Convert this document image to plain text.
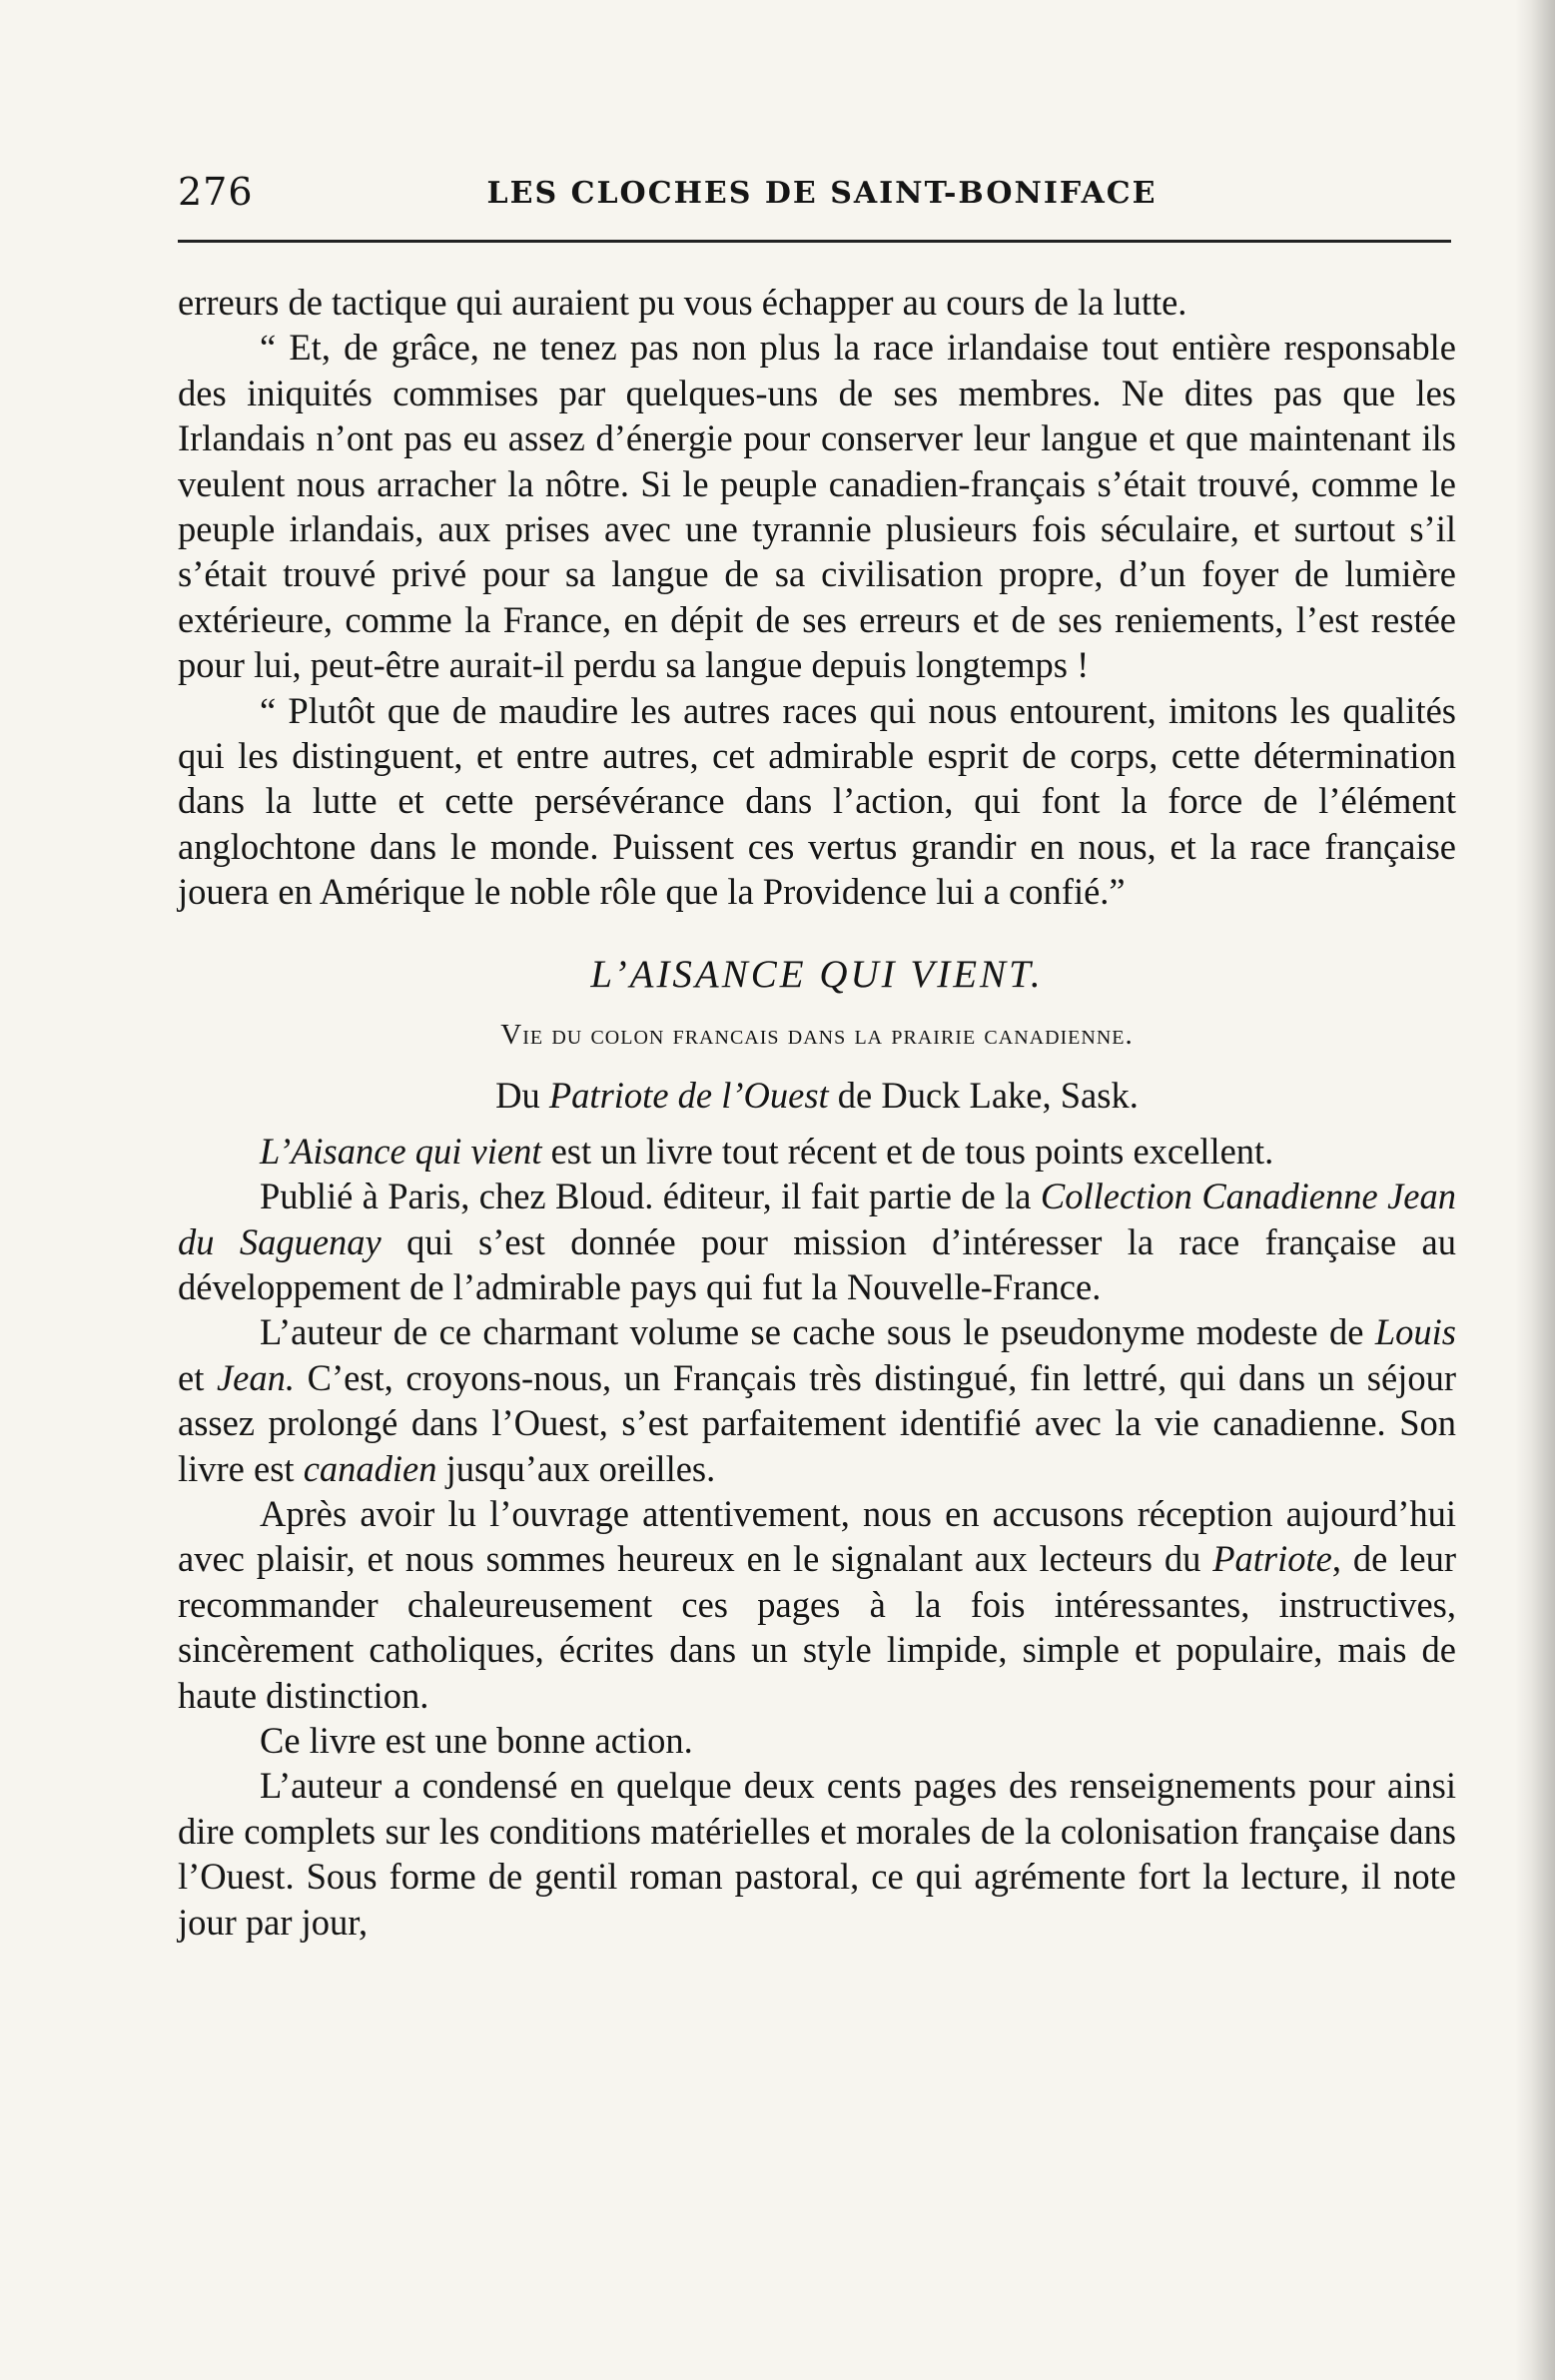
276	LES CLOCHES DE SAINT-BONIFACE

erreurs de tactique qui auraient pu vous échapper au cours de la lutte.

“ Et, de grâce, ne tenez pas non plus la race irlandaise tout entière responsable des iniquités commises par quelques-uns de ses membres. Ne dites pas que les Irlandais n’ont pas eu assez d’énergie pour conserver leur langue et que maintenant ils veulent nous arracher la nôtre. Si le peuple canadien-français s’était trouvé, comme le peuple irlandais, aux prises avec une tyrannie plusieurs fois séculaire, et surtout s’il s’était trouvé privé pour sa langue de sa civilisation propre, d’un foyer de lumière extérieure, comme la France, en dépit de ses erreurs et de ses reniements, l’est restée pour lui, peut-être aurait-il perdu sa langue depuis longtemps !

“ Plutôt que de maudire les autres races qui nous entourent, imitons les qualités qui les distinguent, et entre autres, cet admirable esprit de corps, cette détermination dans la lutte et cette persévérance dans l’action, qui font la force de l’élément anglochtone dans le monde. Puissent ces vertus grandir en nous, et la race française jouera en Amérique le noble rôle que la Providence lui a confié.”

L’AISANCE QUI VIENT.
Vie du colon francais dans la prairie canadienne.
Du Patriote de l’Ouest de Duck Lake, Sask.

L’Aisance qui vient est un livre tout récent et de tous points excellent.

Publié à Paris, chez Bloud. éditeur, il fait partie de la Collection Canadienne Jean du Saguenay qui s’est donnée pour mission d’intéresser la race française au développement de l’admirable pays qui fut la Nouvelle-France.

L’auteur de ce charmant volume se cache sous le pseudonyme modeste de Louis et Jean. C’est, croyons-nous, un Français très distingué, fin lettré, qui dans un séjour assez prolongé dans l’Ouest, s’est parfaitement identifié avec la vie canadienne. Son livre est canadien jusqu’aux oreilles.

Après avoir lu l’ouvrage attentivement, nous en accusons réception aujourd’hui avec plaisir, et nous sommes heureux en le signalant aux lecteurs du Patriote, de leur recommander chaleureusement ces pages à la fois intéressantes, instructives, sincèrement catholiques, écrites dans un style limpide, simple et populaire, mais de haute distinction.

Ce livre est une bonne action.

L’auteur a condensé en quelque deux cents pages des renseignements pour ainsi dire complets sur les conditions matérielles et morales de la colonisation française dans l’Ouest. Sous forme de gentil roman pastoral, ce qui agrémente fort la lecture, il note jour par jour,
